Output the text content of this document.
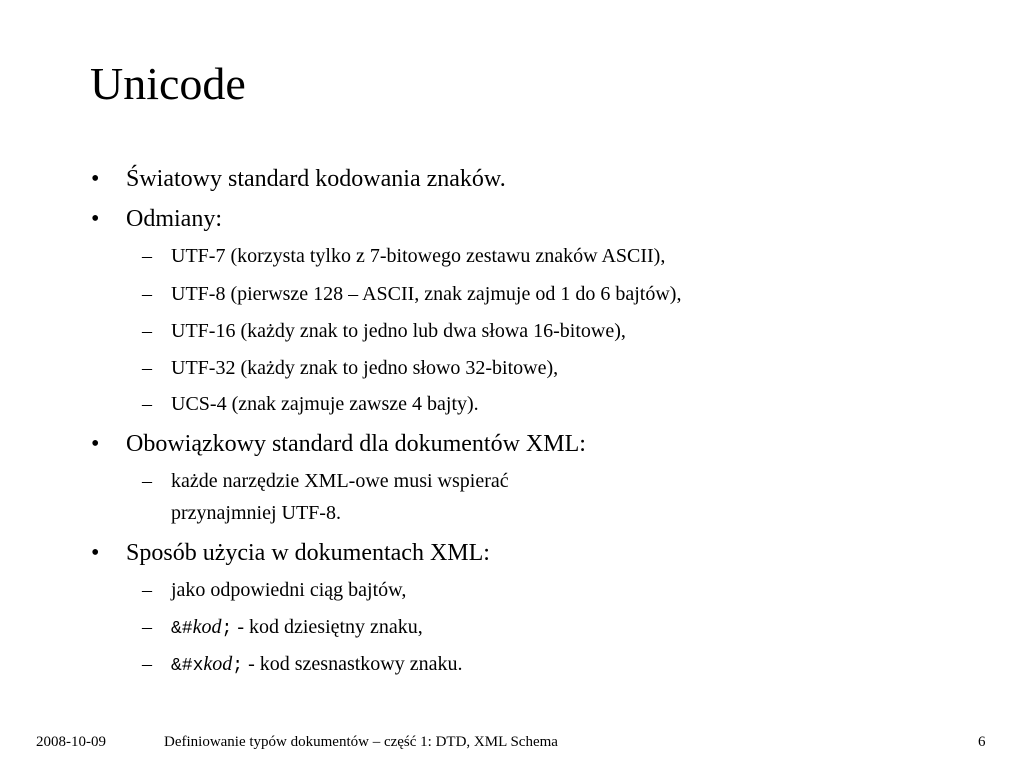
Unicode
• Światowy standard kodowania znaków.
• Odmiany:
– UTF-7 (korzysta tylko z 7-bitowego zestawu znaków ASCII),
– UTF-8 (pierwsze 128 – ASCII, znak zajmuje od 1 do 6 bajtów),
– UTF-16 (każdy znak to jedno lub dwa słowa 16-bitowe),
– UTF-32 (każdy znak to jedno słowo 32-bitowe),
– UCS-4 (znak zajmuje zawsze 4 bajty).
• Obowiązkowy standard dla dokumentów XML:
– każde narzędzie XML-owe musi wspierać
przynajmniej UTF-8.
• Sposób użycia w dokumentach XML:
– jako odpowiedni ciąg bajtów,
– &#kod; - kod dziesiętny znaku,
– &#xkod; - kod szesnastkowy znaku.
2008-10-09	Definiowanie typów dokumentów – część 1: DTD, XML Schema	6
